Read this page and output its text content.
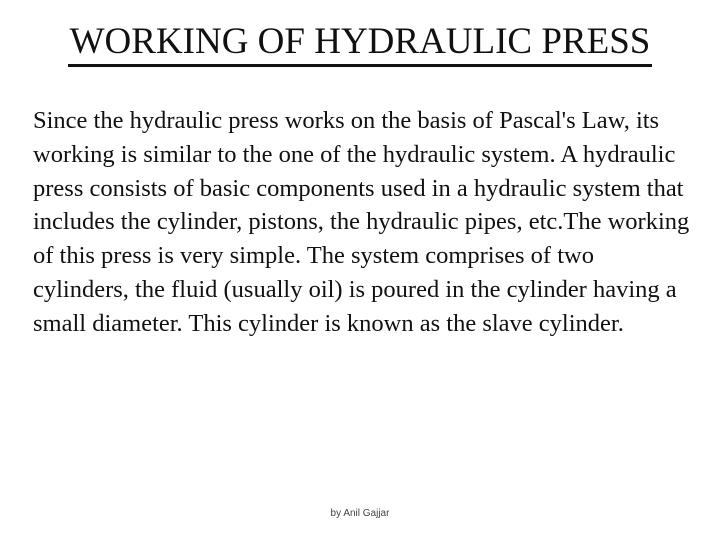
WORKING OF HYDRAULIC PRESS

Since the hydraulic press works on the basis of Pascal's Law, its working is similar to the one of the hydraulic system. A hydraulic press consists of basic components used in a hydraulic system that includes the cylinder, pistons, the hydraulic pipes, etc.The working of this press is very simple. The system comprises of two cylinders, the fluid (usually oil) is poured in the cylinder having a small diameter. This cylinder is known as the slave cylinder.

by Anil Gajjar
